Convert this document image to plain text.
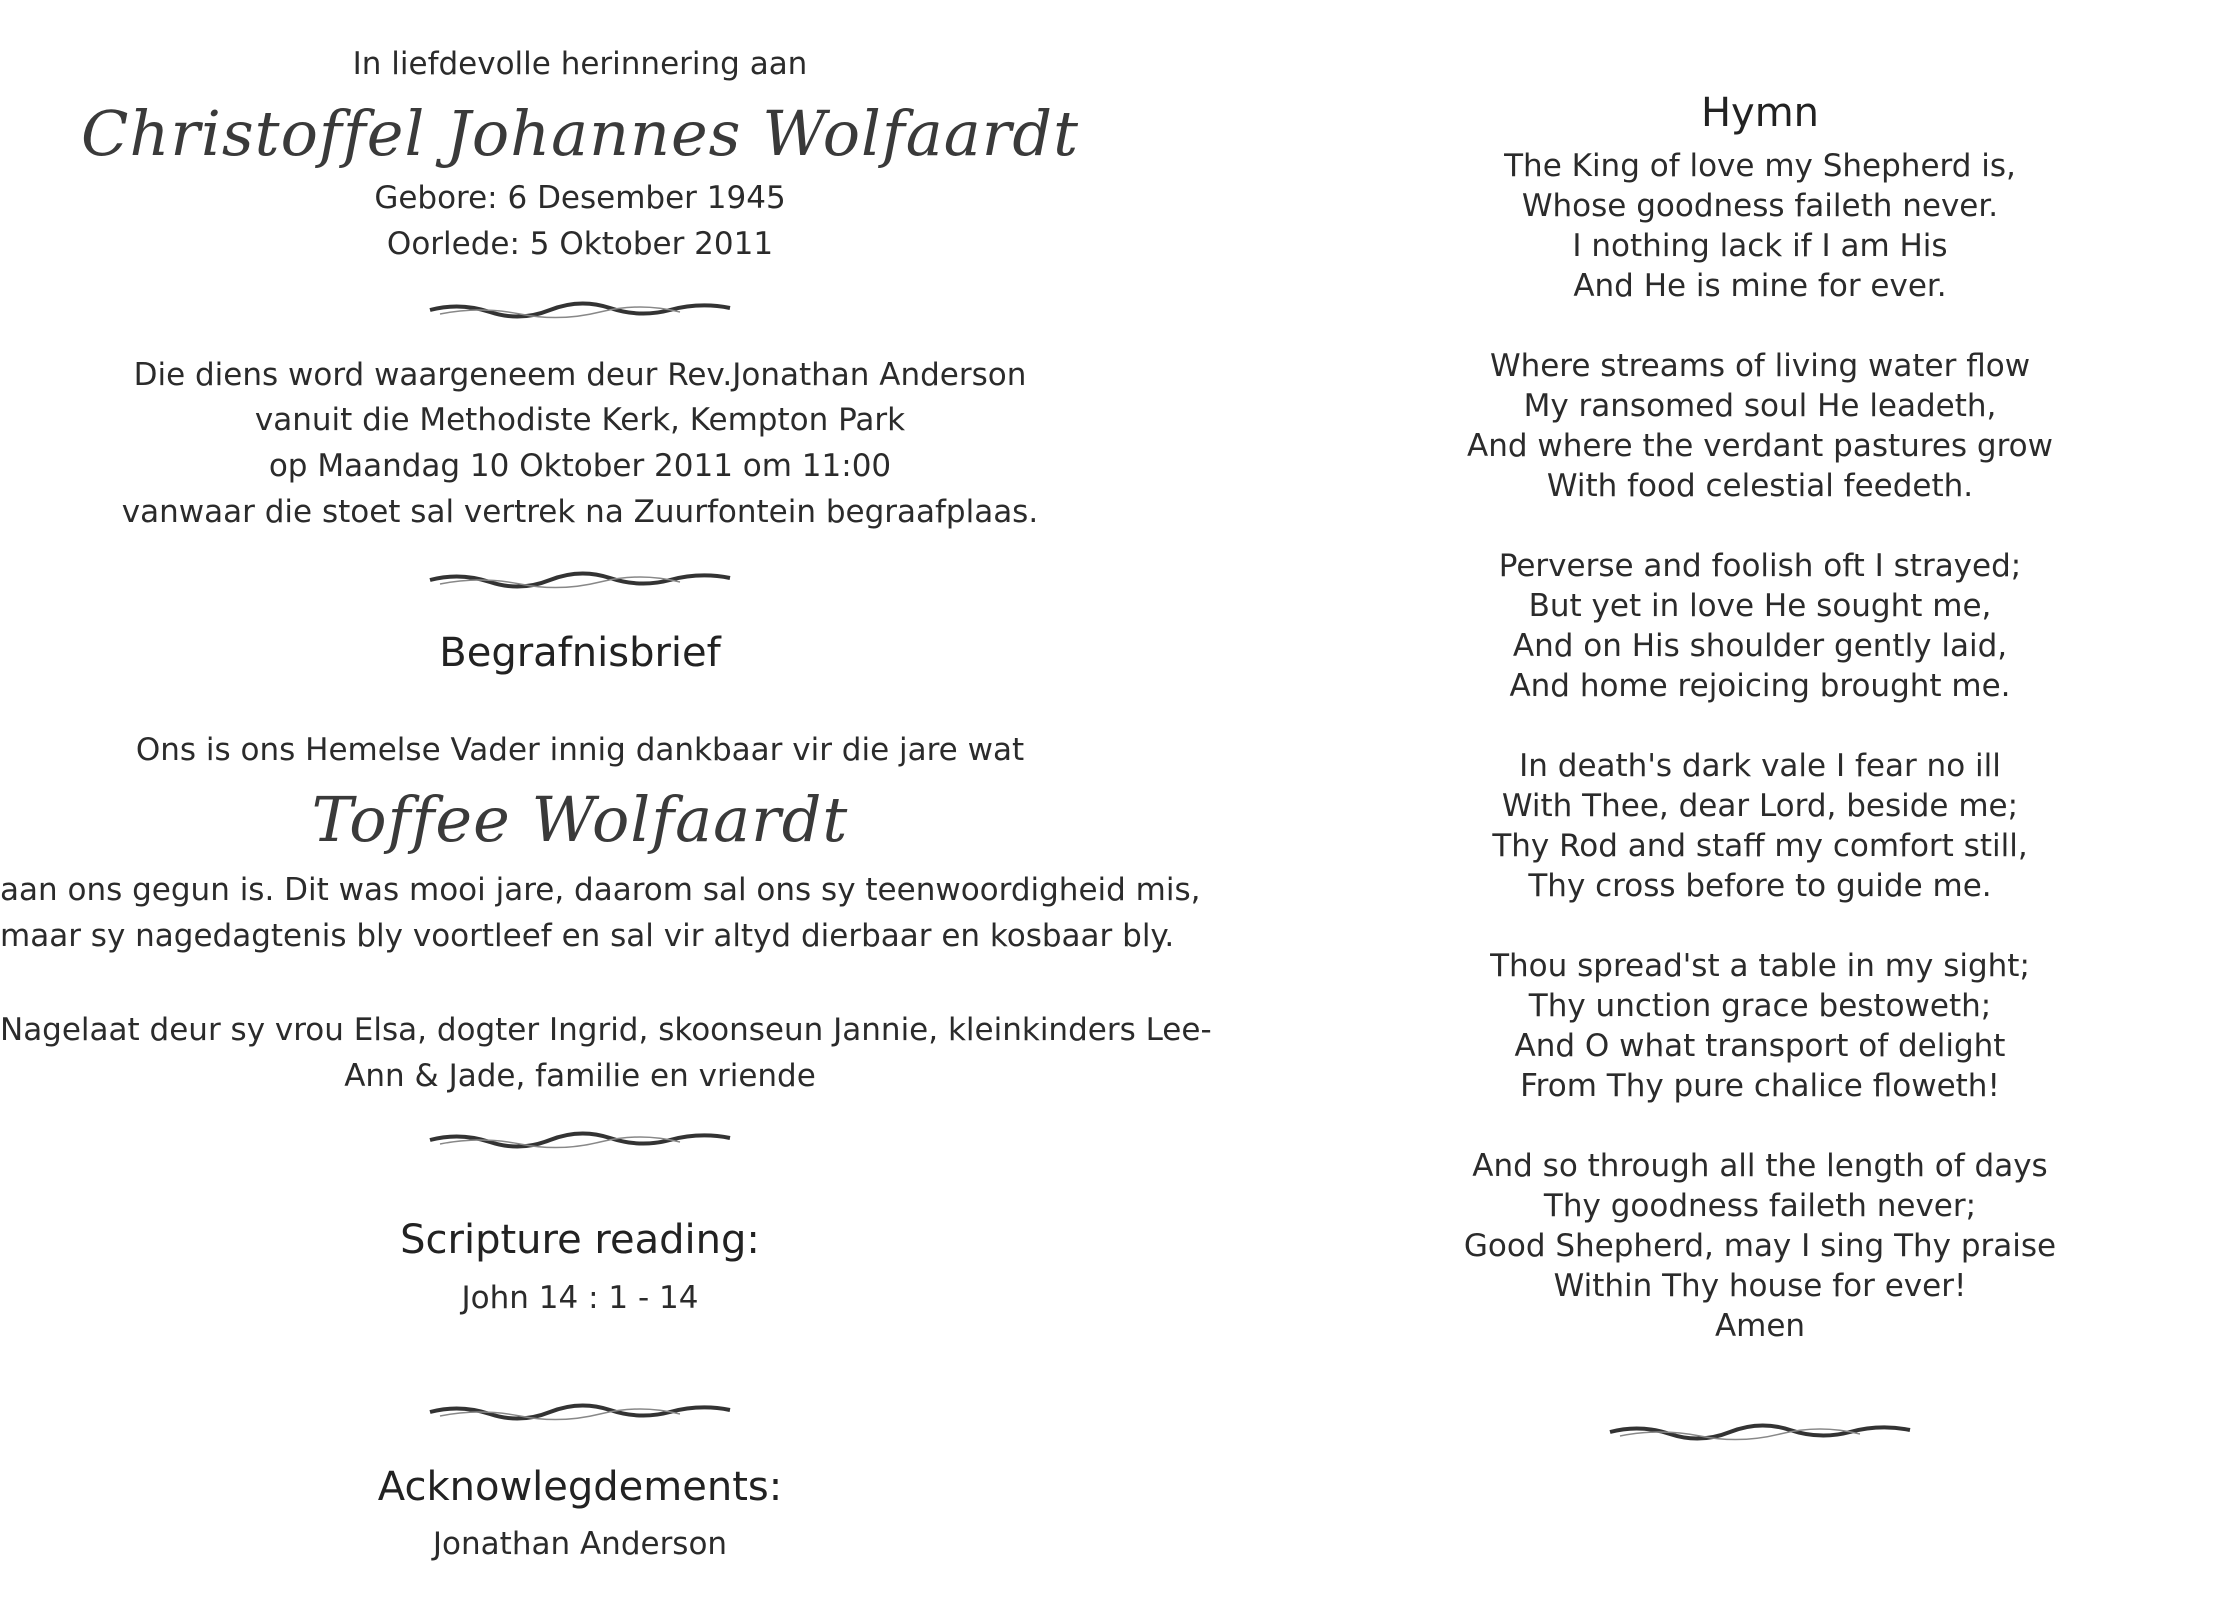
In liefdevolle herinnering aan
Christoffel Johannes Wolfaardt
Gebore: 6 Desember 1945
Oorlede: 5 Oktober 2011
Die diens word waargeneem deur Rev.Jonathan Anderson
vanuit die Methodiste Kerk, Kempton Park
op Maandag 10 Oktober 2011 om 11:00
vanwaar die stoet sal vertrek na Zuurfontein begraafplaas.
Begrafnisbrief
Ons is ons Hemelse Vader innig dankbaar vir die jare wat
Toffee Wolfaardt
aan ons gegun is. Dit was mooi jare, daarom sal ons sy teenwoordigheid mis,
maar sy nagedagtenis bly voortleef en sal vir altyd dierbaar en kosbaar bly.
Nagelaat deur sy vrou Elsa, dogter Ingrid, skoonseun Jannie, kleinkinders Lee-
Ann & Jade, familie en vriende
Scripture reading:
John 14 : 1 - 14
Acknowlegdements:
Jonathan Anderson
Hymn
The King of love my Shepherd is,
Whose goodness faileth never.
I nothing lack if I am His
And He is mine for ever.
Where streams of living water flow
My ransomed soul He leadeth,
And where the verdant pastures grow
With food celestial feedeth.
Perverse and foolish oft I strayed;
But yet in love He sought me,
And on His shoulder gently laid,
And home rejoicing brought me.
In death's dark vale I fear no ill
With Thee, dear Lord, beside me;
Thy Rod and staff my comfort still,
Thy cross before to guide me.
Thou spread'st a table in my sight;
Thy unction grace bestoweth;
And O what transport of delight
From Thy pure chalice floweth!
And so through all the length of days
Thy goodness faileth never;
Good Shepherd, may I sing Thy praise
Within Thy house for ever!
Amen
